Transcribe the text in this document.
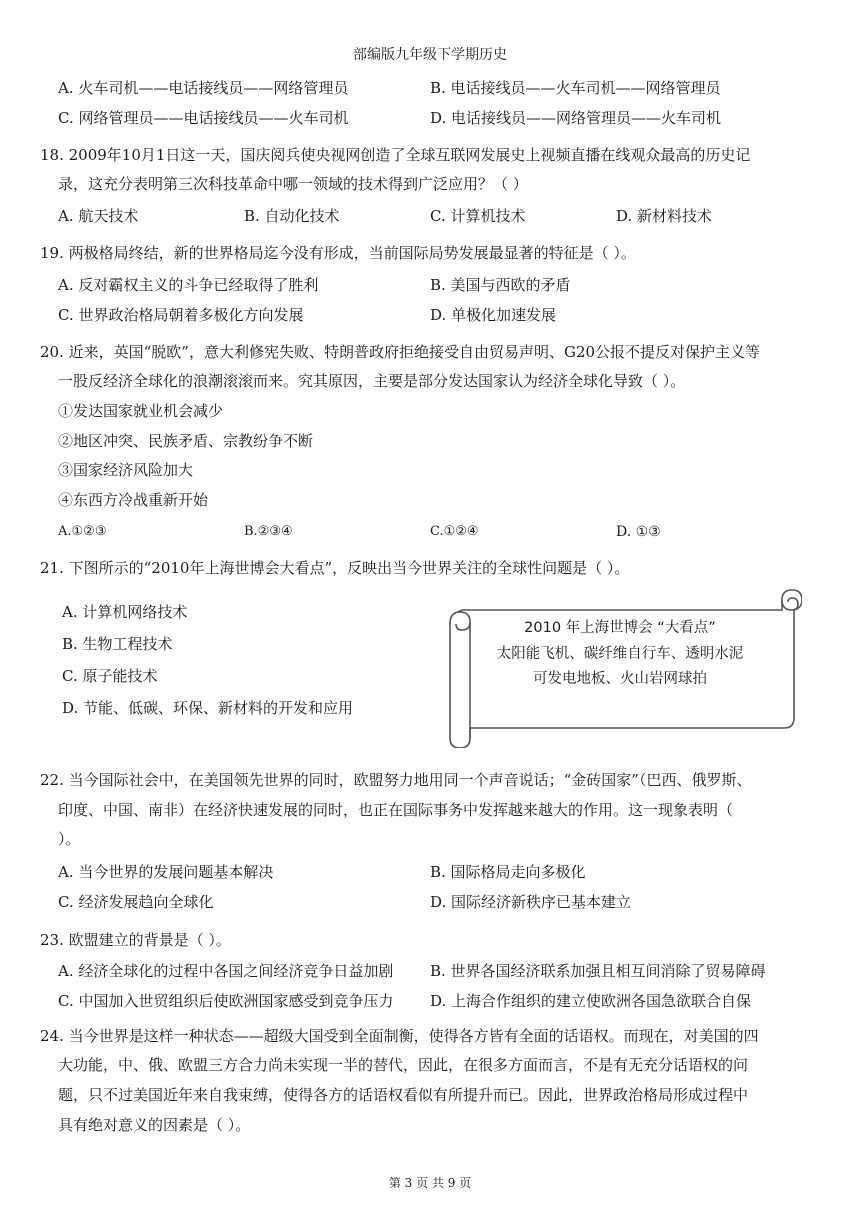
部编版九年级下学期历史
A. 火车司机——电话接线员——网络管理员	B. 电话接线员——火车司机——网络管理员
C. 网络管理员——电话接线员——火车司机	D. 电话接线员——网络管理员——火车司机
18. 2009年10月1日这一天，国庆阅兵使央视网创造了全球互联网发展史上视频直播在线观众最高的历史记
录，这充分表明第三次科技革命中哪一领域的技术得到广泛应用？（ ）
A. 航天技术	B. 自动化技术	C. 计算机技术	D. 新材料技术
19. 两极格局终结，新的世界格局迄今没有形成，当前国际局势发展最显著的特征是（ ）。
A. 反对霸权主义的斗争已经取得了胜利	B. 美国与西欧的矛盾
C. 世界政治格局朝着多极化方向发展	D. 单极化加速发展
20. 近来，英国“脱欧”，意大利修宪失败、特朗普政府拒绝接受自由贸易声明、G20公报不提反对保护主义等
一股反经济全球化的浪潮滚滚而来。究其原因，主要是部分发达国家认为经济全球化导致（ ）。
①发达国家就业机会减少
②地区冲突、民族矛盾、宗教纷争不断
③国家经济风险加大
④东西方冷战重新开始
A.①②③	B.②③④	C.①②④	D. ①③
21. 下图所示的“2010年上海世博会大看点”，反映出当今世界关注的全球性问题是（ ）。
A. 计算机网络技术
B. 生物工程技术
C. 原子能技术
D. 节能、低碳、环保、新材料的开发和应用
2010 年上海世博会 “大看点”
太阳能飞机、碳纤维自行车、透明水泥
可发电地板、火山岩网球拍
22. 当今国际社会中，在美国领先世界的同时，欧盟努力地用同一个声音说话；“金砖国家”（巴西、俄罗斯、
印度、中国、南非）在经济快速发展的同时，也正在国际事务中发挥越来越大的作用。这一现象表明（
）。
A. 当今世界的发展问题基本解决	B. 国际格局走向多极化
C. 经济发展趋向全球化	D. 国际经济新秩序已基本建立
23. 欧盟建立的背景是（ ）。
A. 经济全球化的过程中各国之间经济竞争日益加剧 B. 世界各国经济联系加强且相互间消除了贸易障碍
C. 中国加入世贸组织后使欧洲国家感受到竞争压力 D. 上海合作组织的建立使欧洲各国急欲联合自保
24. 当今世界是这样一种状态——超级大国受到全面制衡，使得各方皆有全面的话语权。而现在，对美国的四
大功能，中、俄、欧盟三方合力尚未实现一半的替代，因此，在很多方面而言，不是有无充分话语权的问
题，只不过美国近年来自我束缚，使得各方的话语权看似有所提升而已。因此，世界政治格局形成过程中
具有绝对意义的因素是（ ）。
第 3 页 共 9 页
